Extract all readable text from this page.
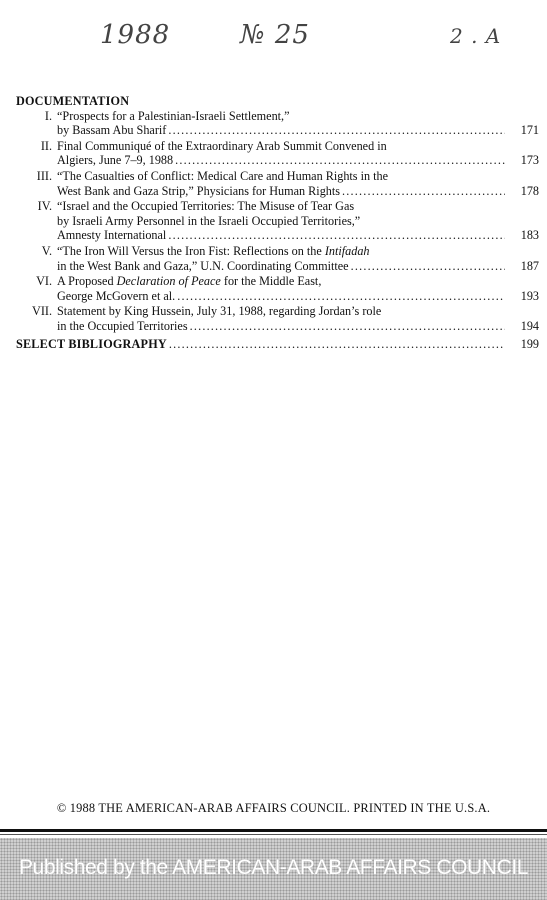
1988	№ 25	2 . A
DOCUMENTATION
I. “Prospects for a Palestinian-Israeli Settlement,”
by Bassam Abu Sharif .....	171
II. Final Communiqué of the Extraordinary Arab Summit Convened in
Algiers, June 7–9, 1988 .....	173
III. “The Casualties of Conflict: Medical Care and Human Rights in the
West Bank and Gaza Strip,” Physicians for Human Rights .....	178
IV. “Israel and the Occupied Territories: The Misuse of Tear Gas
by Israeli Army Personnel in the Israeli Occupied Territories,”
Amnesty International .....	183
V. “The Iron Will Versus the Iron Fist: Reflections on the Intifadah
in the West Bank and Gaza,” U.N. Coordinating Committee .....	187
VI. A Proposed Declaration of Peace for the Middle East,
George McGovern et al. .....	193
VII. Statement by King Hussein, July 31, 1988, regarding Jordan’s role
in the Occupied Territories .....	194
SELECT BIBLIOGRAPHY .....	199
© 1988 THE AMERICAN-ARAB AFFAIRS COUNCIL. PRINTED IN THE U.S.A.
Published by the AMERICAN-ARAB AFFAIRS COUNCIL
